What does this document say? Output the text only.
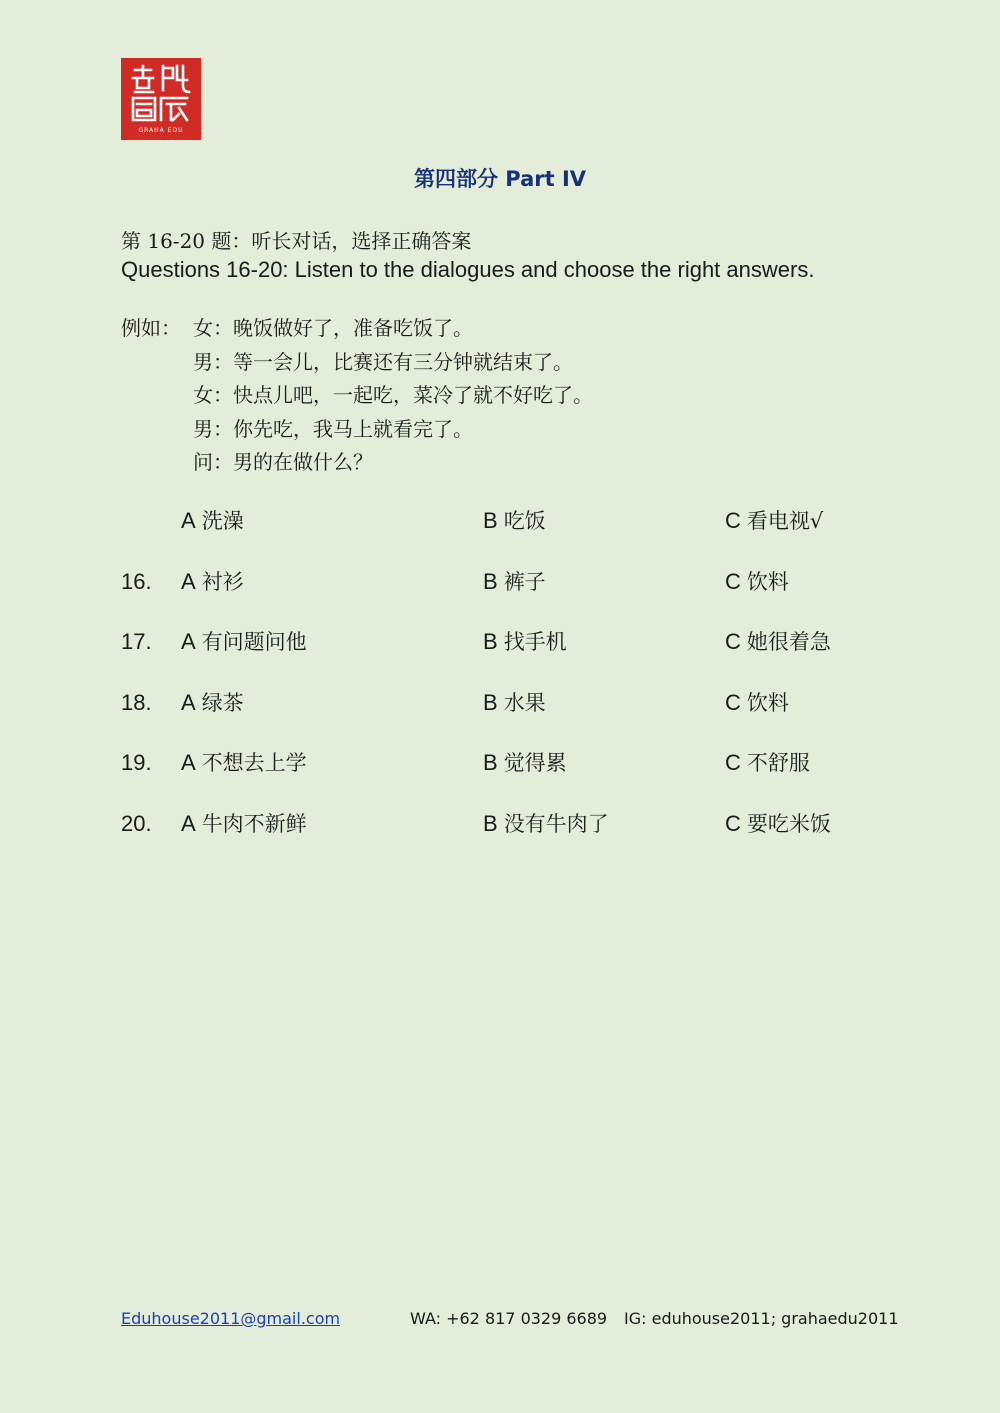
GRAHA EDU
第四部分 Part IV
第 16-20 题：听长对话，选择正确答案
Questions 16-20: Listen to the dialogues and choose the right answers.
例如： 女：晚饭做好了，准备吃饭了。
男：等一会儿，比赛还有三分钟就结束了。
女：快点儿吧，一起吃，菜冷了就不好吃了。
男：你先吃，我马上就看完了。
问：男的在做什么？
A 洗澡	B 吃饭	C 看电视√
16. A 衬衫	B 裤子	C 饮料
17. A 有问题问他	B 找手机	C 她很着急
18. A 绿茶	B 水果	C 饮料
19. A 不想去上学	B 觉得累	C 不舒服
20. A 牛肉不新鲜	B 没有牛肉了	C 要吃米饭
Eduhouse2011@gmail.com	WA: +62 817 0329 6689 IG: eduhouse2011; grahaedu2011
